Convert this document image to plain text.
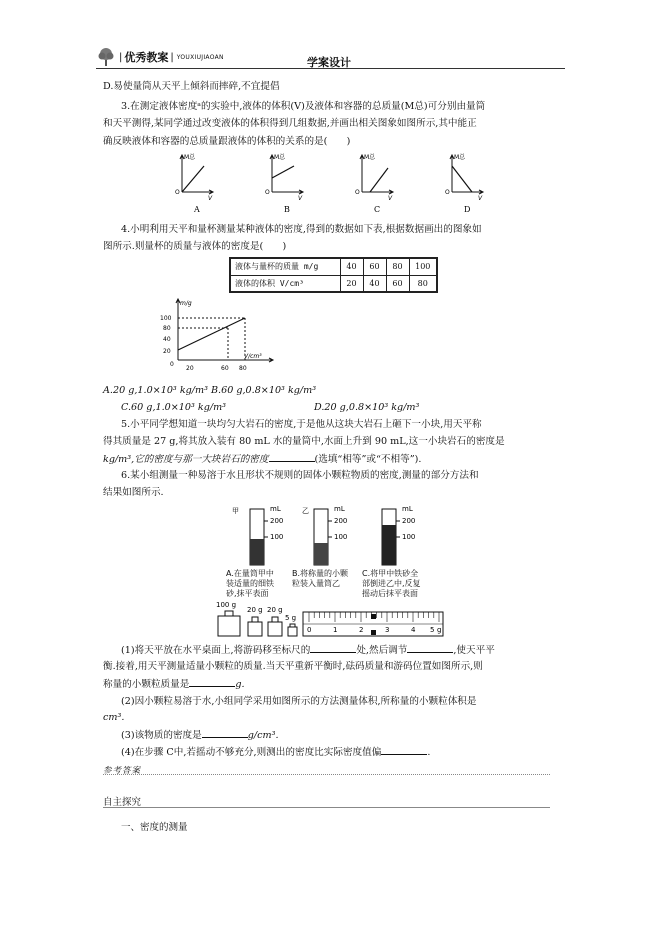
| 优秀教案 | YOUXIUJIAOAN	学案设计
D.易使量筒从天平上倾斜而摔碎,不宜提倡
3.在测定液体密度ᵃ的实验中,液体的体积(V)及液体和容器的总质量(M总)可分别由量筒
和天平测得,某同学通过改变液体的体积得到几组数据,并画出相关图象如图所示,其中能正
确反映液体和容器的总质量跟液体的体积的关系的是(　　)
O
M总
V
O
M总
V
O
M总
V
O
M总
V
A	B	C	D
4.小明利用天平和量杯测量某种液体的密度,得到的数据如下表,根据数据画出的图象如
图所示.则量杯的质量与液体的密度是(　　)
液体与量杯的质量 m/g	40	60	80	100
液体的体积 V/cm³	20	40	60	80
m/g
V/cm³
100
80
40
20
0
20	60 80
A.20 g,1.0×10³ kg/m³ B.60 g,0.8×10³ kg/m³
C.60 g,1.0×10³ kg/m³	D.20 g,0.8×10³ kg/m³
5.小平同学想知道一块均匀大岩石的密度,于是他从这块大岩石上砸下一小块,用天平称
得其质量是 27 g,将其放入装有 80 mL 水的量筒中,水面上升到 90 mL,这一小块岩石的密度是
kg/m³,它的密度与那一大块岩石的密度	(选填“相等”或“不相等”).
6.某小组测量一种易溶于水且形状不规则的固体小颗粒物质的密度,测量的部分方法和
结果如图所示.
甲	mL
200
100
乙	mL
200
100
mL
200
100
A.在量筒甲中
装适量的细铁
砂,抹平表面
B.将称量的小颗
粒装入量筒乙
C.将甲中铁砂全
部倒进乙中,反复
摇动后抹平表面
100 g
20 g 20 g
5 g
0	1	2	3	4 5 g
(1)将天平放在水平桌面上,将游码移至标尺的	处,然后调节	,使天平平
衡.接着,用天平测量适量小颗粒的质量.当天平重新平衡时,砝码质量和游码位置如图所示,则
称量的小颗粒质量是	g.
(2)因小颗粒易溶于水,小组同学采用如图所示的方法测量体积,所称量的小颗粒体积是
cm³.
(3)该物质的密度是	g/cm³.
(4)在步骤 C中,若摇动不够充分,则测出的密度比实际密度值偏	.
参考答案
自主探究
一、密度的测量
